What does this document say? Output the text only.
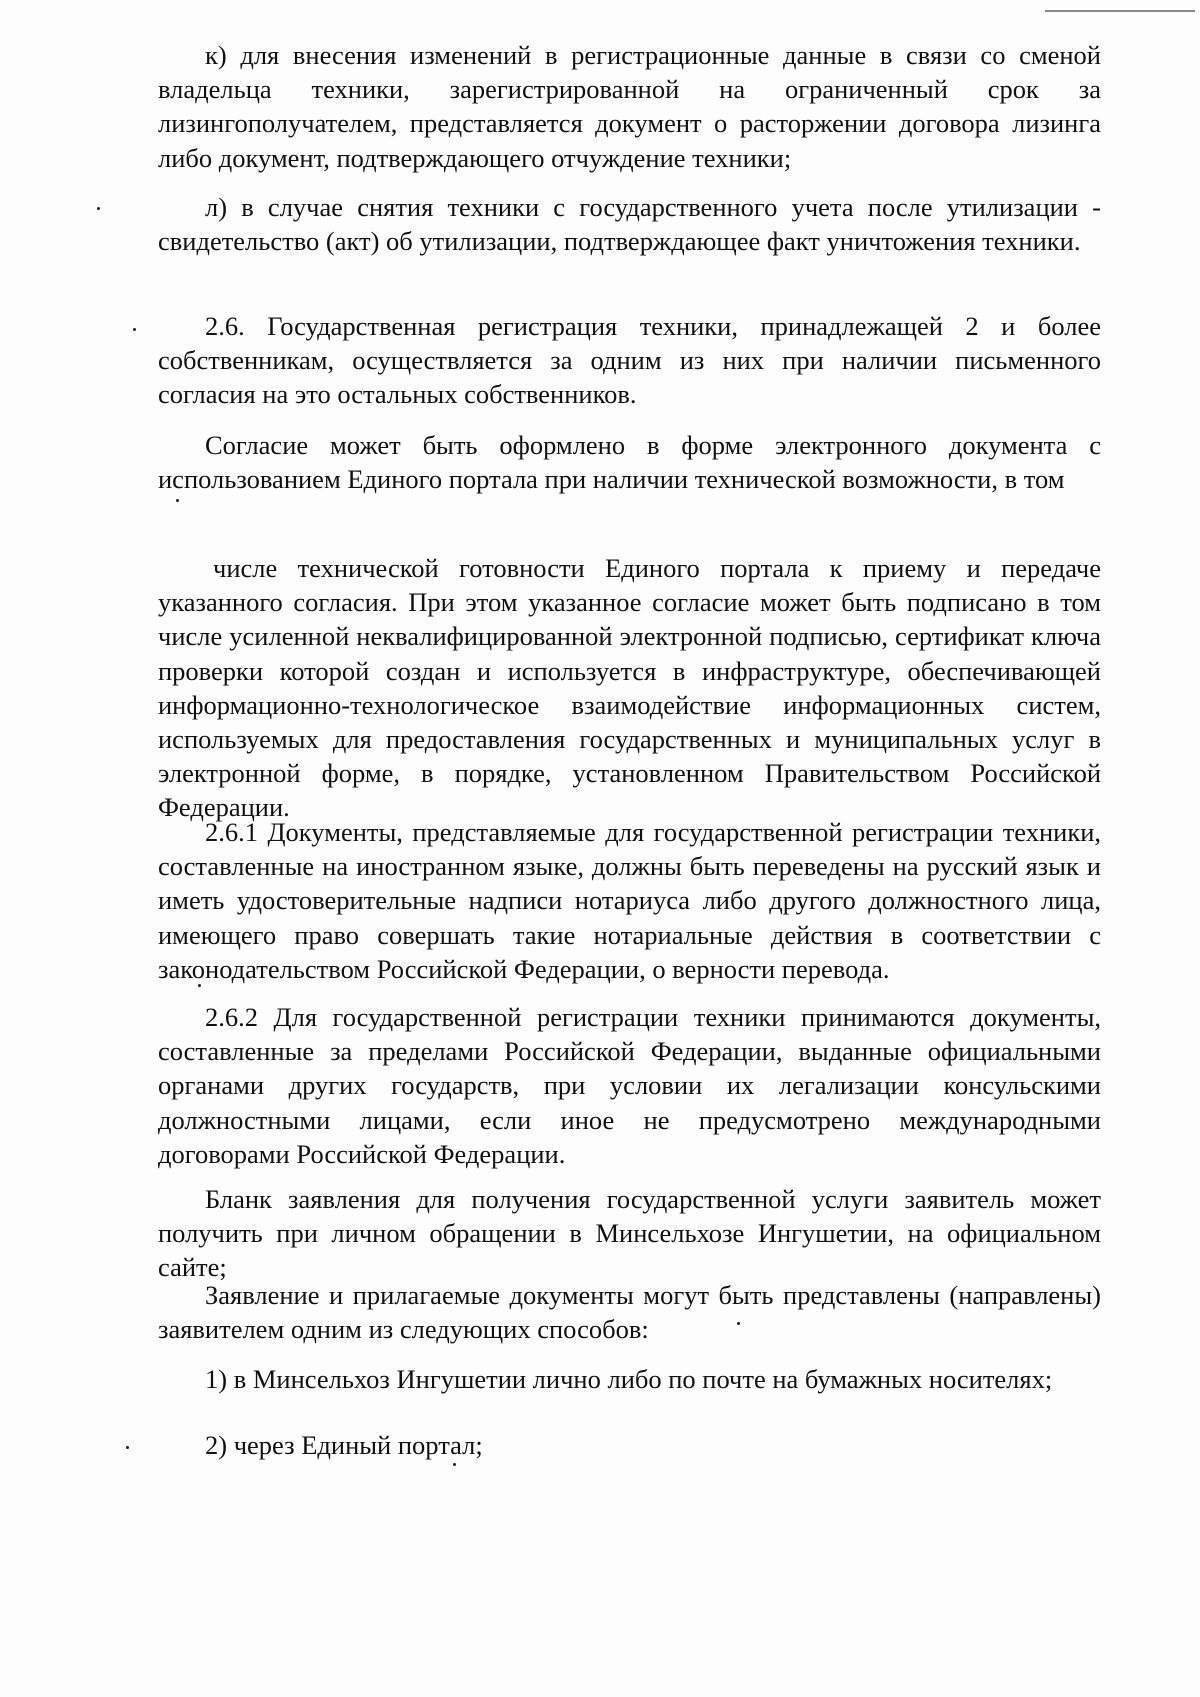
к) для внесения изменений в регистрационные данные в связи со сменой владельца техники, зарегистрированной на ограниченный срок за лизингополучателем, представляется документ о расторжении договора лизинга либо документ, подтверждающего отчуждение техники;

л) в случае снятия техники с государственного учета после утилизации - свидетельство (акт) об утилизации, подтверждающее факт уничтожения техники.

2.6. Государственная регистрация техники, принадлежащей 2 и более собственникам, осуществляется за одним из них при наличии письменного согласия на это остальных собственников.

Согласие может быть оформлено в форме электронного документа с использованием Единого портала при наличии технической возможности, в том

числе технической готовности Единого портала к приему и передаче указанного согласия. При этом указанное согласие может быть подписано в том числе усиленной неквалифицированной электронной подписью, сертификат ключа проверки которой создан и используется в инфраструктуре, обеспечивающей информационно-технологическое взаимодействие информационных систем, используемых для предоставления государственных и муниципальных услуг в электронной форме, в порядке, установленном Правительством Российской Федерации.

2.6.1 Документы, представляемые для государственной регистрации техники, составленные на иностранном языке, должны быть переведены на русский язык и иметь удостоверительные надписи нотариуса либо другого должностного лица, имеющего право совершать такие нотариальные действия в соответствии с законодательством Российской Федерации, о верности перевода.

2.6.2 Для государственной регистрации техники принимаются документы, составленные за пределами Российской Федерации, выданные официальными органами других государств, при условии их легализации консульскими должностными лицами, если иное не предусмотрено международными договорами Российской Федерации.

Бланк заявления для получения государственной услуги заявитель может получить при личном обращении в Минсельхозе Ингушетии, на официальном сайте;

Заявление и прилагаемые документы могут быть представлены (направлены) заявителем одним из следующих способов:

1) в Минсельхоз Ингушетии лично либо по почте на бумажных носителях;

2) через Единый портал;
